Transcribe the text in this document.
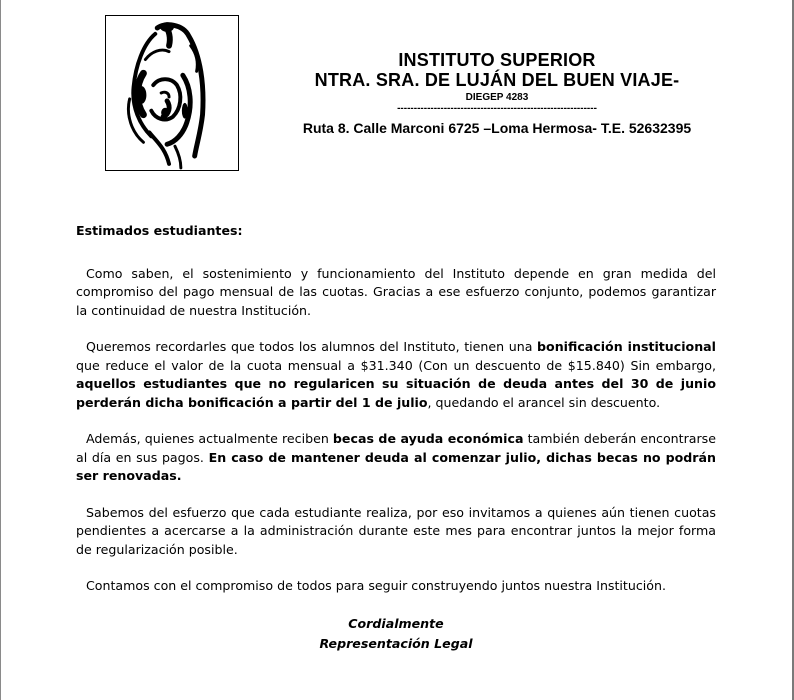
INSTITUTO SUPERIOR
NTRA. SRA. DE LUJÁN DEL BUEN VIAJE-
DIEGEP 4283
------------------------------------------------------------
Ruta 8. Calle Marconi 6725 –Loma Hermosa- T.E. 52632395

Estimados estudiantes:

Como saben, el sostenimiento y funcionamiento del Instituto depende en gran medida del compromiso del pago mensual de las cuotas. Gracias a ese esfuerzo conjunto, podemos garantizar la continuidad de nuestra Institución.

Queremos recordarles que todos los alumnos del Instituto, tienen una bonificación institucional que reduce el valor de la cuota mensual a $31.340 (Con un descuento de $15.840) Sin embargo, aquellos estudiantes que no regularicen su situación de deuda antes del 30 de junio perderán dicha bonificación a partir del 1 de julio, quedando el arancel sin descuento.

Además, quienes actualmente reciben becas de ayuda económica también deberán encontrarse al día en sus pagos. En caso de mantener deuda al comenzar julio, dichas becas no podrán ser renovadas.

Sabemos del esfuerzo que cada estudiante realiza, por eso invitamos a quienes aún tienen cuotas pendientes a acercarse a la administración durante este mes para encontrar juntos la mejor forma de regularización posible.

Contamos con el compromiso de todos para seguir construyendo juntos nuestra Institución.

Cordialmente
Representación Legal
